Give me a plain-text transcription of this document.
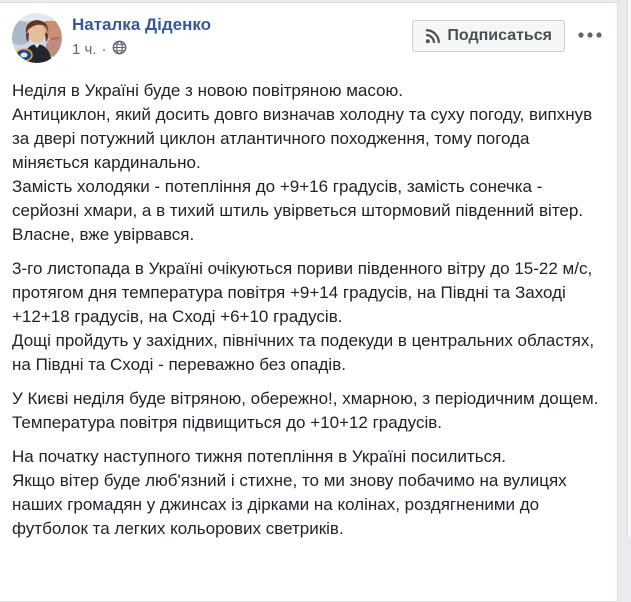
Наталка Діденко
1 ч. ·
Подписаться
Неділя в Україні буде з новою повітряною масою.
Антициклон, який досить довго визначав холодну та суху погоду, випхнув за двері потужний циклон атлантичного походження, тому погода міняється кардинально.
Замість холодяки - потепління до +9+16 градусів, замість сонечка - серйозні хмари, а в тихий штиль увірветься штормовий південний вітер.
Власне, вже увірвався.
3-го листопада в Україні очікуються пориви південного вітру до 15-22 м/с, протягом дня температура повітря +9+14 градусів, на Півдні та Заході +12+18 градусів, на Сході +6+10 градусів.
Дощі пройдуть у західних, північних та подекуди в центральних областях, на Півдні та Сході - переважно без опадів.
У Києві неділя буде вітряною, обережно!, хмарною, з періодичним дощем. Температура повітря підвищиться до +10+12 градусів.
На початку наступного тижня потепління в Україні посилиться.
Якщо вітер буде люб'язний і стихне, то ми знову побачимо на вулицях наших громадян у джинсах із дірками на колінах, роздягненими до футболок та легких кольорових светриків.
